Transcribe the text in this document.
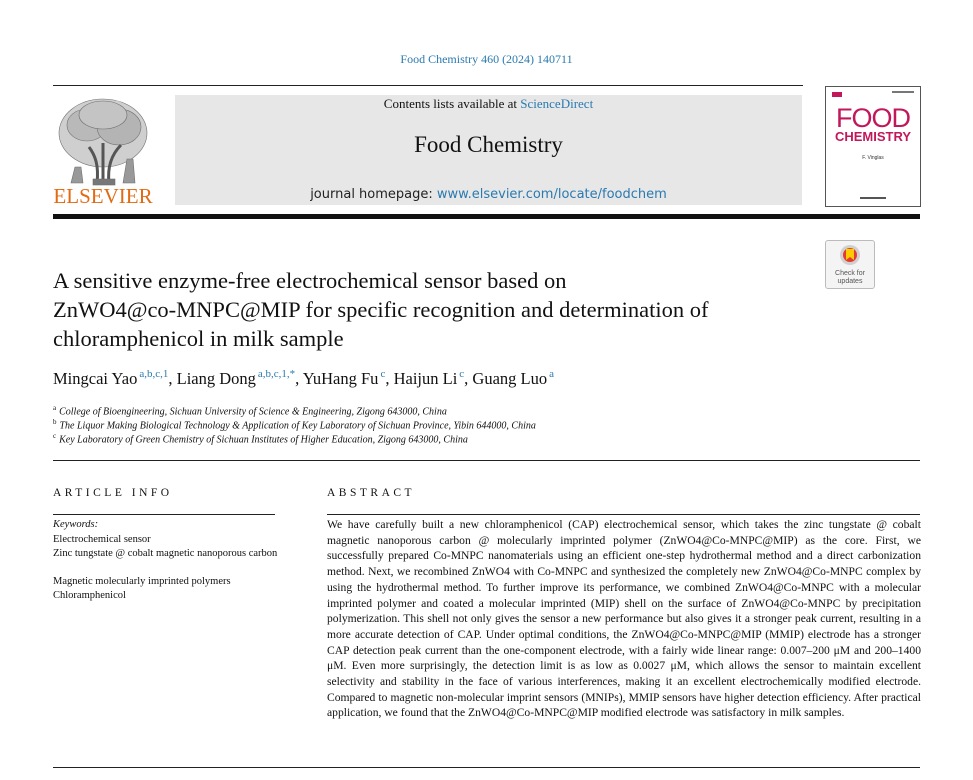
Food Chemistry 460 (2024) 140711
ELSEVIER
Contents lists available at ScienceDirect
Food Chemistry
journal homepage: www.elsevier.com/locate/foodchem
FOOD
CHEMISTRY
F. Vinglas
Check for updates
A sensitive enzyme-free electrochemical sensor based on
ZnWO4@co-MNPC@MIP for specific recognition and determination of
chloramphenicol in milk sample
Mingcai Yao $^{a,b,c,1}$, Liang Dong $^{a,b,c,1,*}$, YuHang Fu $^c$, Haijun Li $^c$, Guang Luo $^a$
$^a$ College of Bioengineering, Sichuan University of Science & Engineering, Zigong 643000, China
$^b$ The Liquor Making Biological Technology & Application of Key Laboratory of Sichuan Province, Yibin 644000, China
$^c$ Key Laboratory of Green Chemistry of Sichuan Institutes of Higher Education, Zigong 643000, China
ARTICLE INFO
Keywords:
Electrochemical sensor
Zinc tungstate @ cobalt magnetic nanoporous carbon
Magnetic molecularly imprinted polymers
Chloramphenicol
ABSTRACT
We have carefully built a new chloramphenicol (CAP) electrochemical sensor, which takes the zinc tungstate @ cobalt magnetic nanoporous carbon @ molecularly imprinted polymer (ZnWO4@Co-MNPC@MIP) as the core. First, we successfully prepared Co-MNPC nanomaterials using an efficient one-step hydrothermal method and a direct carbonization method. Next, we recombined ZnWO4 with Co-MNPC and synthesized the completely new ZnWO4@Co-MNPC complex by using the hydrothermal method. To further improve its performance, we combined ZnWO4@Co-MNPC with a molecular imprinted polymer and coated a molecular imprinted (MIP) shell on the surface of ZnWO4@Co-MNPC by precipitation polymerization. This shell not only gives the sensor a new performance but also gives it a stronger peak current, resulting in a more accurate detection of CAP. Under optimal conditions, the ZnWO4@Co-MNPC@MIP (MMIP) electrode has a stronger CAP detection peak current than the one-component electrode, with a fairly wide linear range: 0.007–200 μM and 200–1400 μM. Even more surprisingly, the detection limit is as low as 0.0027 μM, which allows the sensor to maintain excellent selectivity and stability in the face of various interferences, making it an excellent electrochemically modified electrode. Compared to magnetic non-molecular imprint sensors (MNIPs), MMIP sensors have higher detection efficiency. After practical application, we found that the ZnWO4@Co-MNPC@MIP modified electrode was satisfactory in milk samples.
